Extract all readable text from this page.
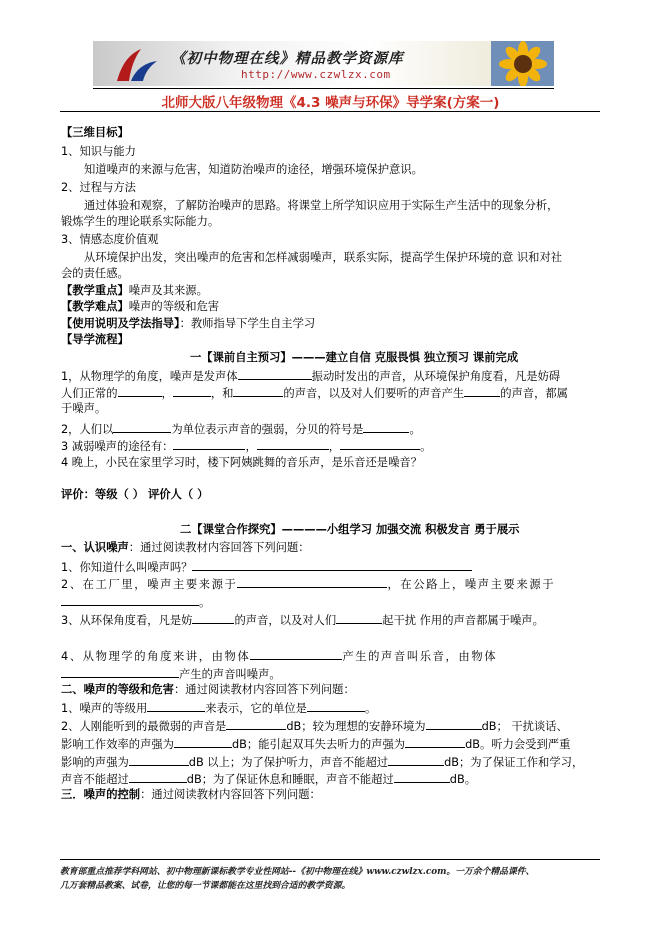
《初中物理在线》精品教学资源库
http://www.czwlzx.com
北师大版八年级物理《4.3 噪声与环保》导学案(方案一)
【三维目标】
1、知识与能力
知道噪声的来源与危害，知道防治噪声的途径，增强环境保护意识。
2、过程与方法
通过体验和观察，了解防治噪声的思路。将课堂上所学知识应用于实际生产生活中的现象分析，
锻炼学生的理论联系实际能力。
3、情感态度价值观
从环境保护出发，突出噪声的危害和怎样减弱噪声，联系实际，提高学生保护环境的意 识和对社
会的责任感。
【教学重点】噪声及其来源。
【教学难点】噪声的等级和危害
【使用说明及学法指导】：教师指导下学生自主学习
【导学流程】
一【课前自主预习】———建立自信 克服畏惧 独立预习 课前完成
1，从物理学的角度，噪声是发声体	振动时发出的声音，从环境保护角度看，凡是妨碍
人们正常的	，	，和	的声音，以及对人们要听的声音产生	的声音，都属
于噪声。
2，人们以	为单位表示声音的强弱，分贝的符号是	。
3 减弱噪声的途径有：	，	，	。
4 晚上，小民在家里学习时，楼下阿姨跳舞的音乐声，是乐音还是噪音？
评价：等级（ ） 评价人（ ）
二【课堂合作探究】————小组学习 加强交流 积极发言 勇于展示
一、认识噪声：通过阅读教材内容回答下列问题：
1、你知道什么叫噪声吗？
2、在工厂里，噪声主要来源于	，在公路上，噪声主要来源于
。
3、从环保角度看，凡是妨	的声音，以及对人们	起干扰 作用的声音都属于噪声。
4、从物理学的角度来讲，由物体	产生的声音叫乐音，由物体
产生的声音叫噪声。
二、噪声的等级和危害：通过阅读教材内容回答下列问题：
1、噪声的等级用	来表示，它的单位是	。
2、人刚能听到的最微弱的声音是	dB；较为理想的安静环境为	dB； 干扰谈话、
影响工作效率的声强为	dB；能引起双耳失去听力的声强为	dB。听力会受到严重
影响的声强为	dB 以上；为了保护听力，声音不能超过	dB；为了保证工作和学习，
声音不能超过	dB；为了保证休息和睡眠，声音不能超过	dB。
三．噪声的控制：通过阅读教材内容回答下列问题：
教育部重点推荐学科网站、初中物理新课标教学专业性网站--《初中物理在线》www.czwlzx.com。一万余个精品课件、
几万套精品教案、试卷，让您的每一节课都能在这里找到合适的教学资源。
